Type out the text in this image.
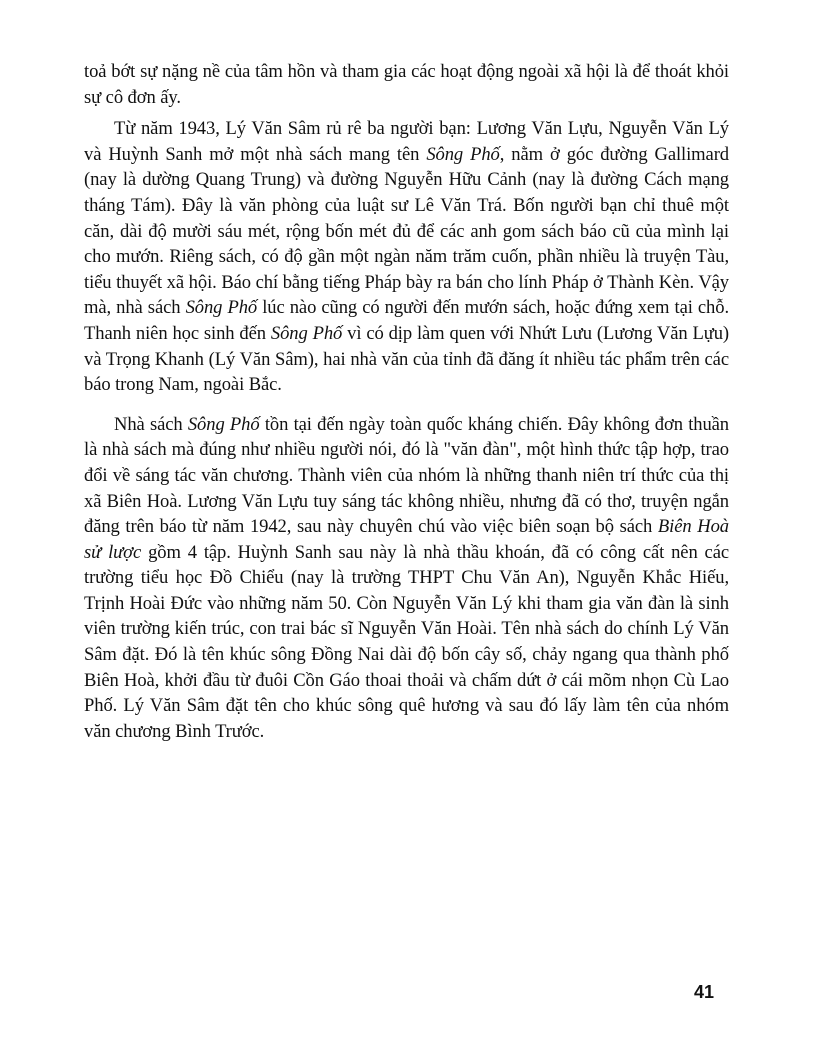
toả bớt sự nặng nề của tâm hồn và tham gia các hoạt động ngoài xã hội là để thoát khỏi sự cô đơn ấy.

Từ năm 1943, Lý Văn Sâm rủ rê ba người bạn: Lương Văn Lựu, Nguyễn Văn Lý và Huỳnh Sanh mở một nhà sách mang tên Sông Phố, nằm ở góc đường Gallimard (nay là dường Quang Trung) và đường Nguyễn Hữu Cảnh (nay là đường Cách mạng tháng Tám). Đây là văn phòng của luật sư Lê Văn Trá. Bốn người bạn chỉ thuê một căn, dài độ mười sáu mét, rộng bốn mét đủ để các anh gom sách báo cũ của mình lại cho mướn. Riêng sách, có độ gần một ngàn năm trăm cuốn, phần nhiều là truyện Tàu, tiểu thuyết xã hội. Báo chí bằng tiếng Pháp bày ra bán cho lính Pháp ở Thành Kèn. Vậy mà, nhà sách Sông Phố lúc nào cũng có người đến mướn sách, hoặc đứng xem tại chỗ. Thanh niên học sinh đến Sông Phố vì có dịp làm quen với Nhứt Lưu (Lương Văn Lựu) và Trọng Khanh (Lý Văn Sâm), hai nhà văn của tỉnh đã đăng ít nhiều tác phẩm trên các báo trong Nam, ngoài Bắc.

Nhà sách Sông Phố tồn tại đến ngày toàn quốc kháng chiến. Đây không đơn thuần là nhà sách mà đúng như nhiều người nói, đó là "văn đàn", một hình thức tập hợp, trao đổi về sáng tác văn chương. Thành viên của nhóm là những thanh niên trí thức của thị xã Biên Hoà. Lương Văn Lựu tuy sáng tác không nhiều, nhưng đã có thơ, truyện ngắn đăng trên báo từ năm 1942, sau này chuyên chú vào việc biên soạn bộ sách Biên Hoà sử lược gồm 4 tập. Huỳnh Sanh sau này là nhà thầu khoán, đã có công cất nên các trường tiểu học Đồ Chiểu (nay là trường THPT Chu Văn An), Nguyễn Khắc Hiếu, Trịnh Hoài Đức vào những năm 50. Còn Nguyễn Văn Lý khi tham gia văn đàn là sinh viên trường kiến trúc, con trai bác sĩ Nguyễn Văn Hoài. Tên nhà sách do chính Lý Văn Sâm đặt. Đó là tên khúc sông Đồng Nai dài độ bốn cây số, chảy ngang qua thành phố Biên Hoà, khởi đầu từ đuôi Cồn Gáo thoai thoải và chấm dứt ở cái mõm nhọn Cù Lao Phố. Lý Văn Sâm đặt tên cho khúc sông quê hương và sau đó lấy làm tên của nhóm văn chương Bình Trước.

41
